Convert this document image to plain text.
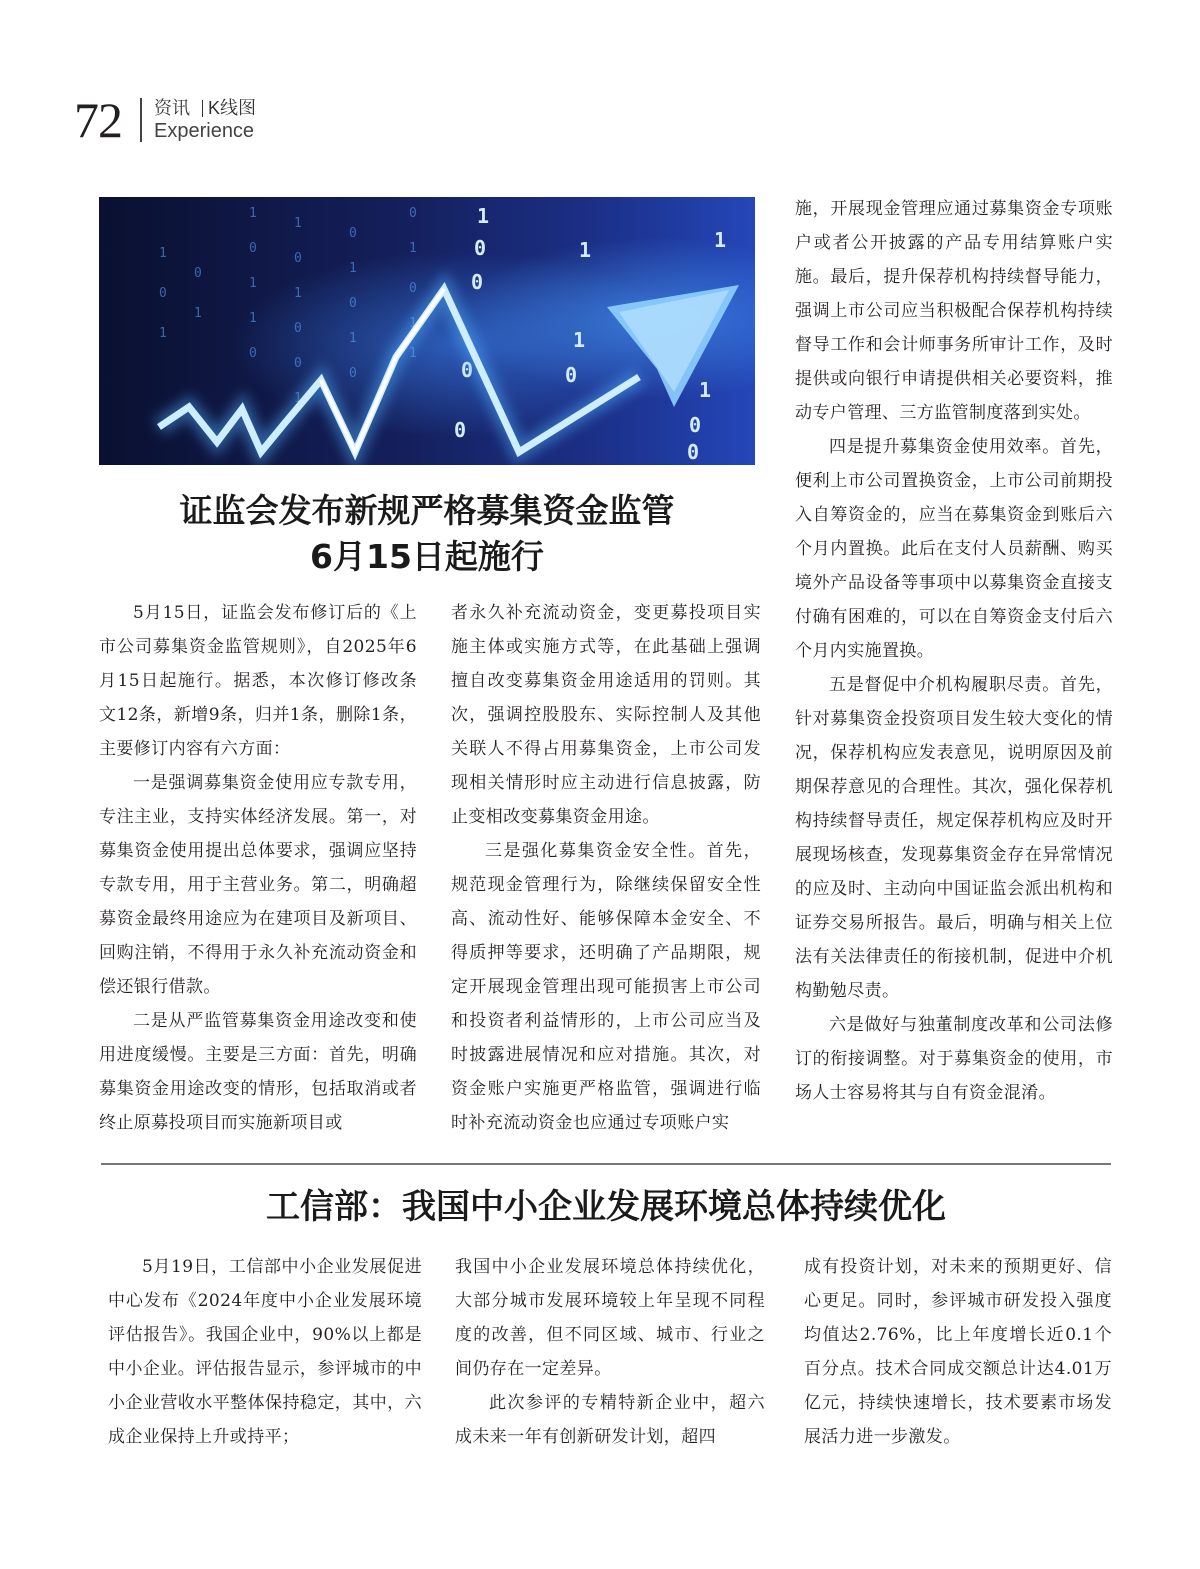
72 资讯 K线图
Experience
1
0
1
1
0
1
0
1
0
0
1
0
1
0
1
0
0
1
0
1
1
1
0
1
0
1
1
0
0
1
1
0
1
1
0
0
0
0
证监会发布新规严格募集资金监管
6月15日起施行

5月15日，证监会发布修订后的《上市公司募集资金监管规则》，自2025年6月15日起施行。据悉，本次修订修改条文12条，新增9条，归并1条，删除1条，主要修订内容有六方面：

一是强调募集资金使用应专款专用，专注主业，支持实体经济发展。第一，对募集资金使用提出总体要求，强调应坚持专款专用，用于主营业务。第二，明确超募资金最终用途应为在建项目及新项目、回购注销，不得用于永久补充流动资金和偿还银行借款。

二是从严监管募集资金用途改变和使用进度缓慢。主要是三方面：首先，明确募集资金用途改变的情形，包括取消或者终止原募投项目而实施新项目或

者永久补充流动资金，变更募投项目实施主体或实施方式等，在此基础上强调擅自改变募集资金用途适用的罚则。其次，强调控股股东、实际控制人及其他关联人不得占用募集资金，上市公司发现相关情形时应主动进行信息披露，防止变相改变募集资金用途。

三是强化募集资金安全性。首先，规范现金管理行为，除继续保留安全性高、流动性好、能够保障本金安全、不得质押等要求，还明确了产品期限，规定开展现金管理出现可能损害上市公司和投资者利益情形的，上市公司应当及时披露进展情况和应对措施。其次，对资金账户实施更严格监管，强调进行临时补充流动资金也应通过专项账户实

施，开展现金管理应通过募集资金专项账户或者公开披露的产品专用结算账户实施。最后，提升保荐机构持续督导能力，强调上市公司应当积极配合保荐机构持续督导工作和会计师事务所审计工作，及时提供或向银行申请提供相关必要资料，推动专户管理、三方监管制度落到实处。

四是提升募集资金使用效率。首先，便利上市公司置换资金，上市公司前期投入自筹资金的，应当在募集资金到账后六个月内置换。此后在支付人员薪酬、购买境外产品设备等事项中以募集资金直接支付确有困难的，可以在自筹资金支付后六个月内实施置换。

五是督促中介机构履职尽责。首先，针对募集资金投资项目发生较大变化的情况，保荐机构应发表意见，说明原因及前期保荐意见的合理性。其次，强化保荐机构持续督导责任，规定保荐机构应及时开展现场核查，发现募集资金存在异常情况的应及时、主动向中国证监会派出机构和证券交易所报告。最后，明确与相关上位法有关法律责任的衔接机制，促进中介机构勤勉尽责。

六是做好与独董制度改革和公司法修订的衔接调整。对于募集资金的使用，市场人士容易将其与自有资金混淆。

工信部：我国中小企业发展环境总体持续优化

5月19日，工信部中小企业发展促进中心发布《2024年度中小企业发展环境评估报告》。我国企业中，90%以上都是中小企业。评估报告显示，参评城市的中小企业营收水平整体保持稳定，其中，六成企业保持上升或持平；

我国中小企业发展环境总体持续优化，大部分城市发展环境较上年呈现不同程度的改善，但不同区域、城市、行业之间仍存在一定差异。

此次参评的专精特新企业中，超六成未来一年有创新研发计划，超四

成有投资计划，对未来的预期更好、信心更足。同时，参评城市研发投入强度均值达2.76%，比上年度增长近0.1个百分点。技术合同成交额总计达4.01万亿元，持续快速增长，技术要素市场发展活力进一步激发。
